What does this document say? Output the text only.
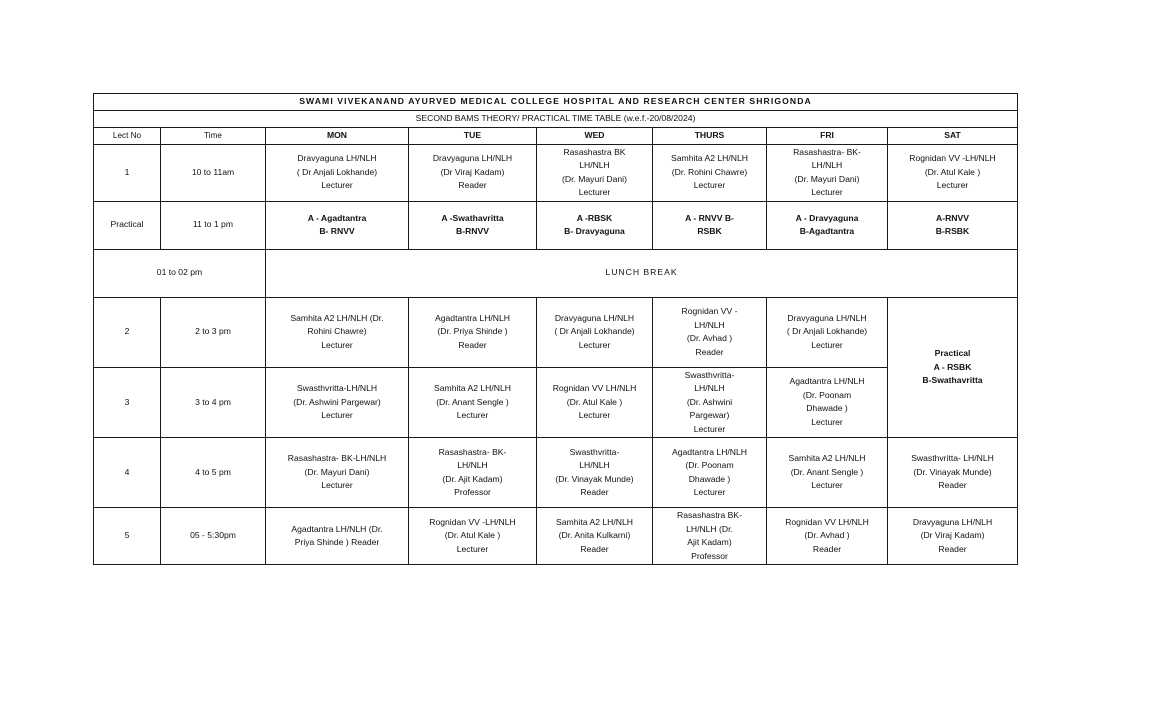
SWAMI VIVEKANAND AYURVED MEDICAL COLLEGE HOSPITAL AND RESEARCH CENTER SHRIGONDA							
SECOND BAMS THEORY/ PRACTICAL TIME TABLE (w.e.f.-20/08/2024)							
Lect No	Time	MON	TUE	WED	THURS	FRI	SAT
1	10 to 11am	Dravyaguna LH/NLH
( Dr Anjali Lokhande)
Lecturer	Dravyaguna LH/NLH
(Dr Viraj Kadam)
Reader	Rasashastra BK
LH/NLH
(Dr. Mayuri Dani)
Lecturer	Samhita A2 LH/NLH
(Dr. Rohini Chawre)
Lecturer	Rasashastra- BK-
LH/NLH
(Dr. Mayuri Dani)
Lecturer	Rognidan VV -LH/NLH
(Dr. Atul Kale )
Lecturer

Practical	11 to 1 pm	A - Agadtantra
B- RNVV	A -Swathavritta
B-RNVV	A -RBSK
B- Dravyaguna	A - RNVV B-
RSBK	A - Dravyaguna
B-Agadtantra	A-RNVV
B-RSBK

01 to 02 pm		LUNCH BREAK					
2	2 to 3 pm	Samhita A2 LH/NLH (Dr.
Rohini Chawre)
Lecturer	Agadtantra LH/NLH
(Dr. Priya Shinde )
Reader	Dravyaguna LH/NLH
( Dr Anjali Lokhande)
Lecturer	Rognidan VV -
LH/NLH
(Dr. Avhad )
Reader	Dravyaguna LH/NLH
( Dr Anjali Lokhande)
Lecturer	Practical
A - RSBK
B-Swathavritta

3	3 to 4 pm	Swasthvritta-LH/NLH
(Dr. Ashwini Pargewar)
Lecturer	Samhita A2 LH/NLH
(Dr. Anant Sengle )
Lecturer	Rognidan VV LH/NLH
(Dr. Atul Kale )
Lecturer	Swasthvritta-
LH/NLH
(Dr. Ashwini
Pargewar)
Lecturer	Agadtantra LH/NLH
(Dr. Poonam
Dhawade )
Lecturer	

4	4 to 5 pm	Rasashastra- BK-LH/NLH
(Dr. Mayuri Dani)
Lecturer	Rasashastra- BK-
LH/NLH
(Dr. Ajit Kadam)
Professor	Swasthvritta-
LH/NLH
(Dr. Vinayak Munde)
Reader	Agadtantra LH/NLH
(Dr. Poonam
Dhawade )
Lecturer	Samhita A2 LH/NLH
(Dr. Anant Sengle )
Lecturer	Swasthvritta- LH/NLH
(Dr. Vinayak Munde)
Reader

5	05 - 5:30pm	Agadtantra LH/NLH (Dr.
Priya Shinde ) Reader	Rognidan VV -LH/NLH
(Dr. Atul Kale )
Lecturer	Samhita A2 LH/NLH
(Dr. Anita Kulkarni)
Reader	Rasashastra BK-
LH/NLH (Dr.
Ajit Kadam)
Professor	Rognidan VV LH/NLH
(Dr. Avhad )
Reader	Dravyaguna LH/NLH
(Dr Viraj Kadam)
Reader
